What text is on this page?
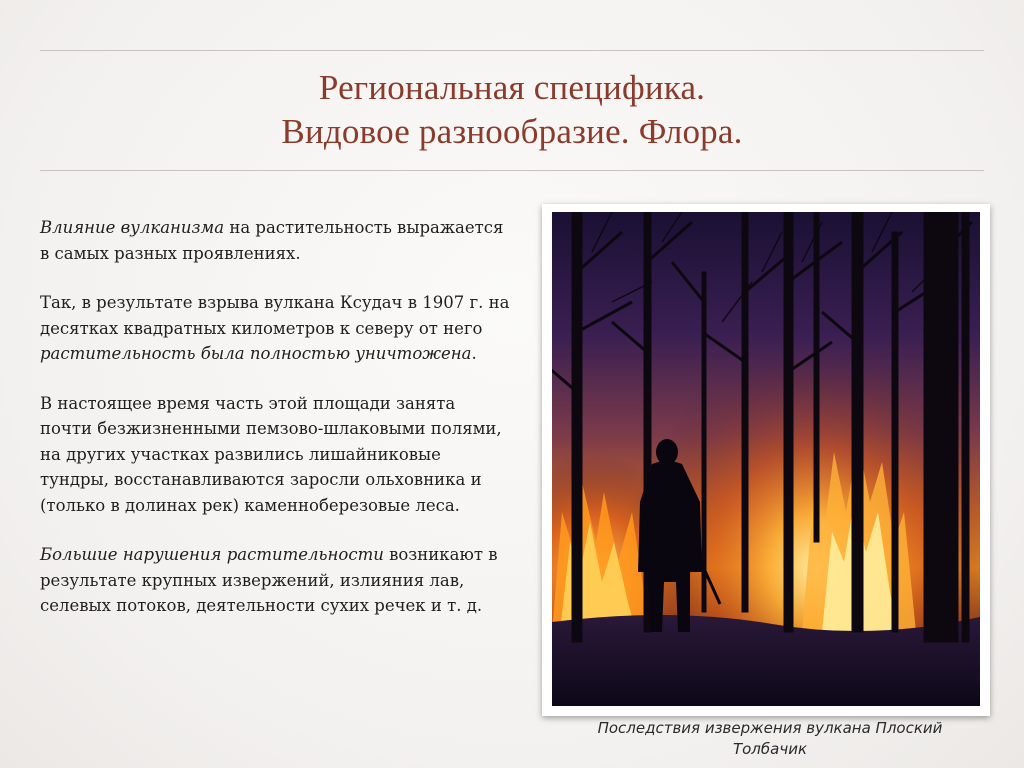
Региональная специфика.
Видовое разнообразие. Флора.

Влияние вулканизма на растительность выражается в самых разных проявлениях.

Так, в результате взрыва вулкана Ксудач в 1907 г. на десятках квадратных километров к северу от него растительность была полностью уничтожена.

В настоящее время часть этой площади занята почти безжизненными пемзово-шлаковыми полями, на других участках развились лишайниковые тундры, восстанавливаются заросли ольховника и (только в долинах рек) каменноберезовые леса.

Большие нарушения растительности возникают в результате крупных извержений, излияния лав, селевых потоков, деятельности сухих речек и т. д.

Последствия извержения вулкана Плоский Толбачик
